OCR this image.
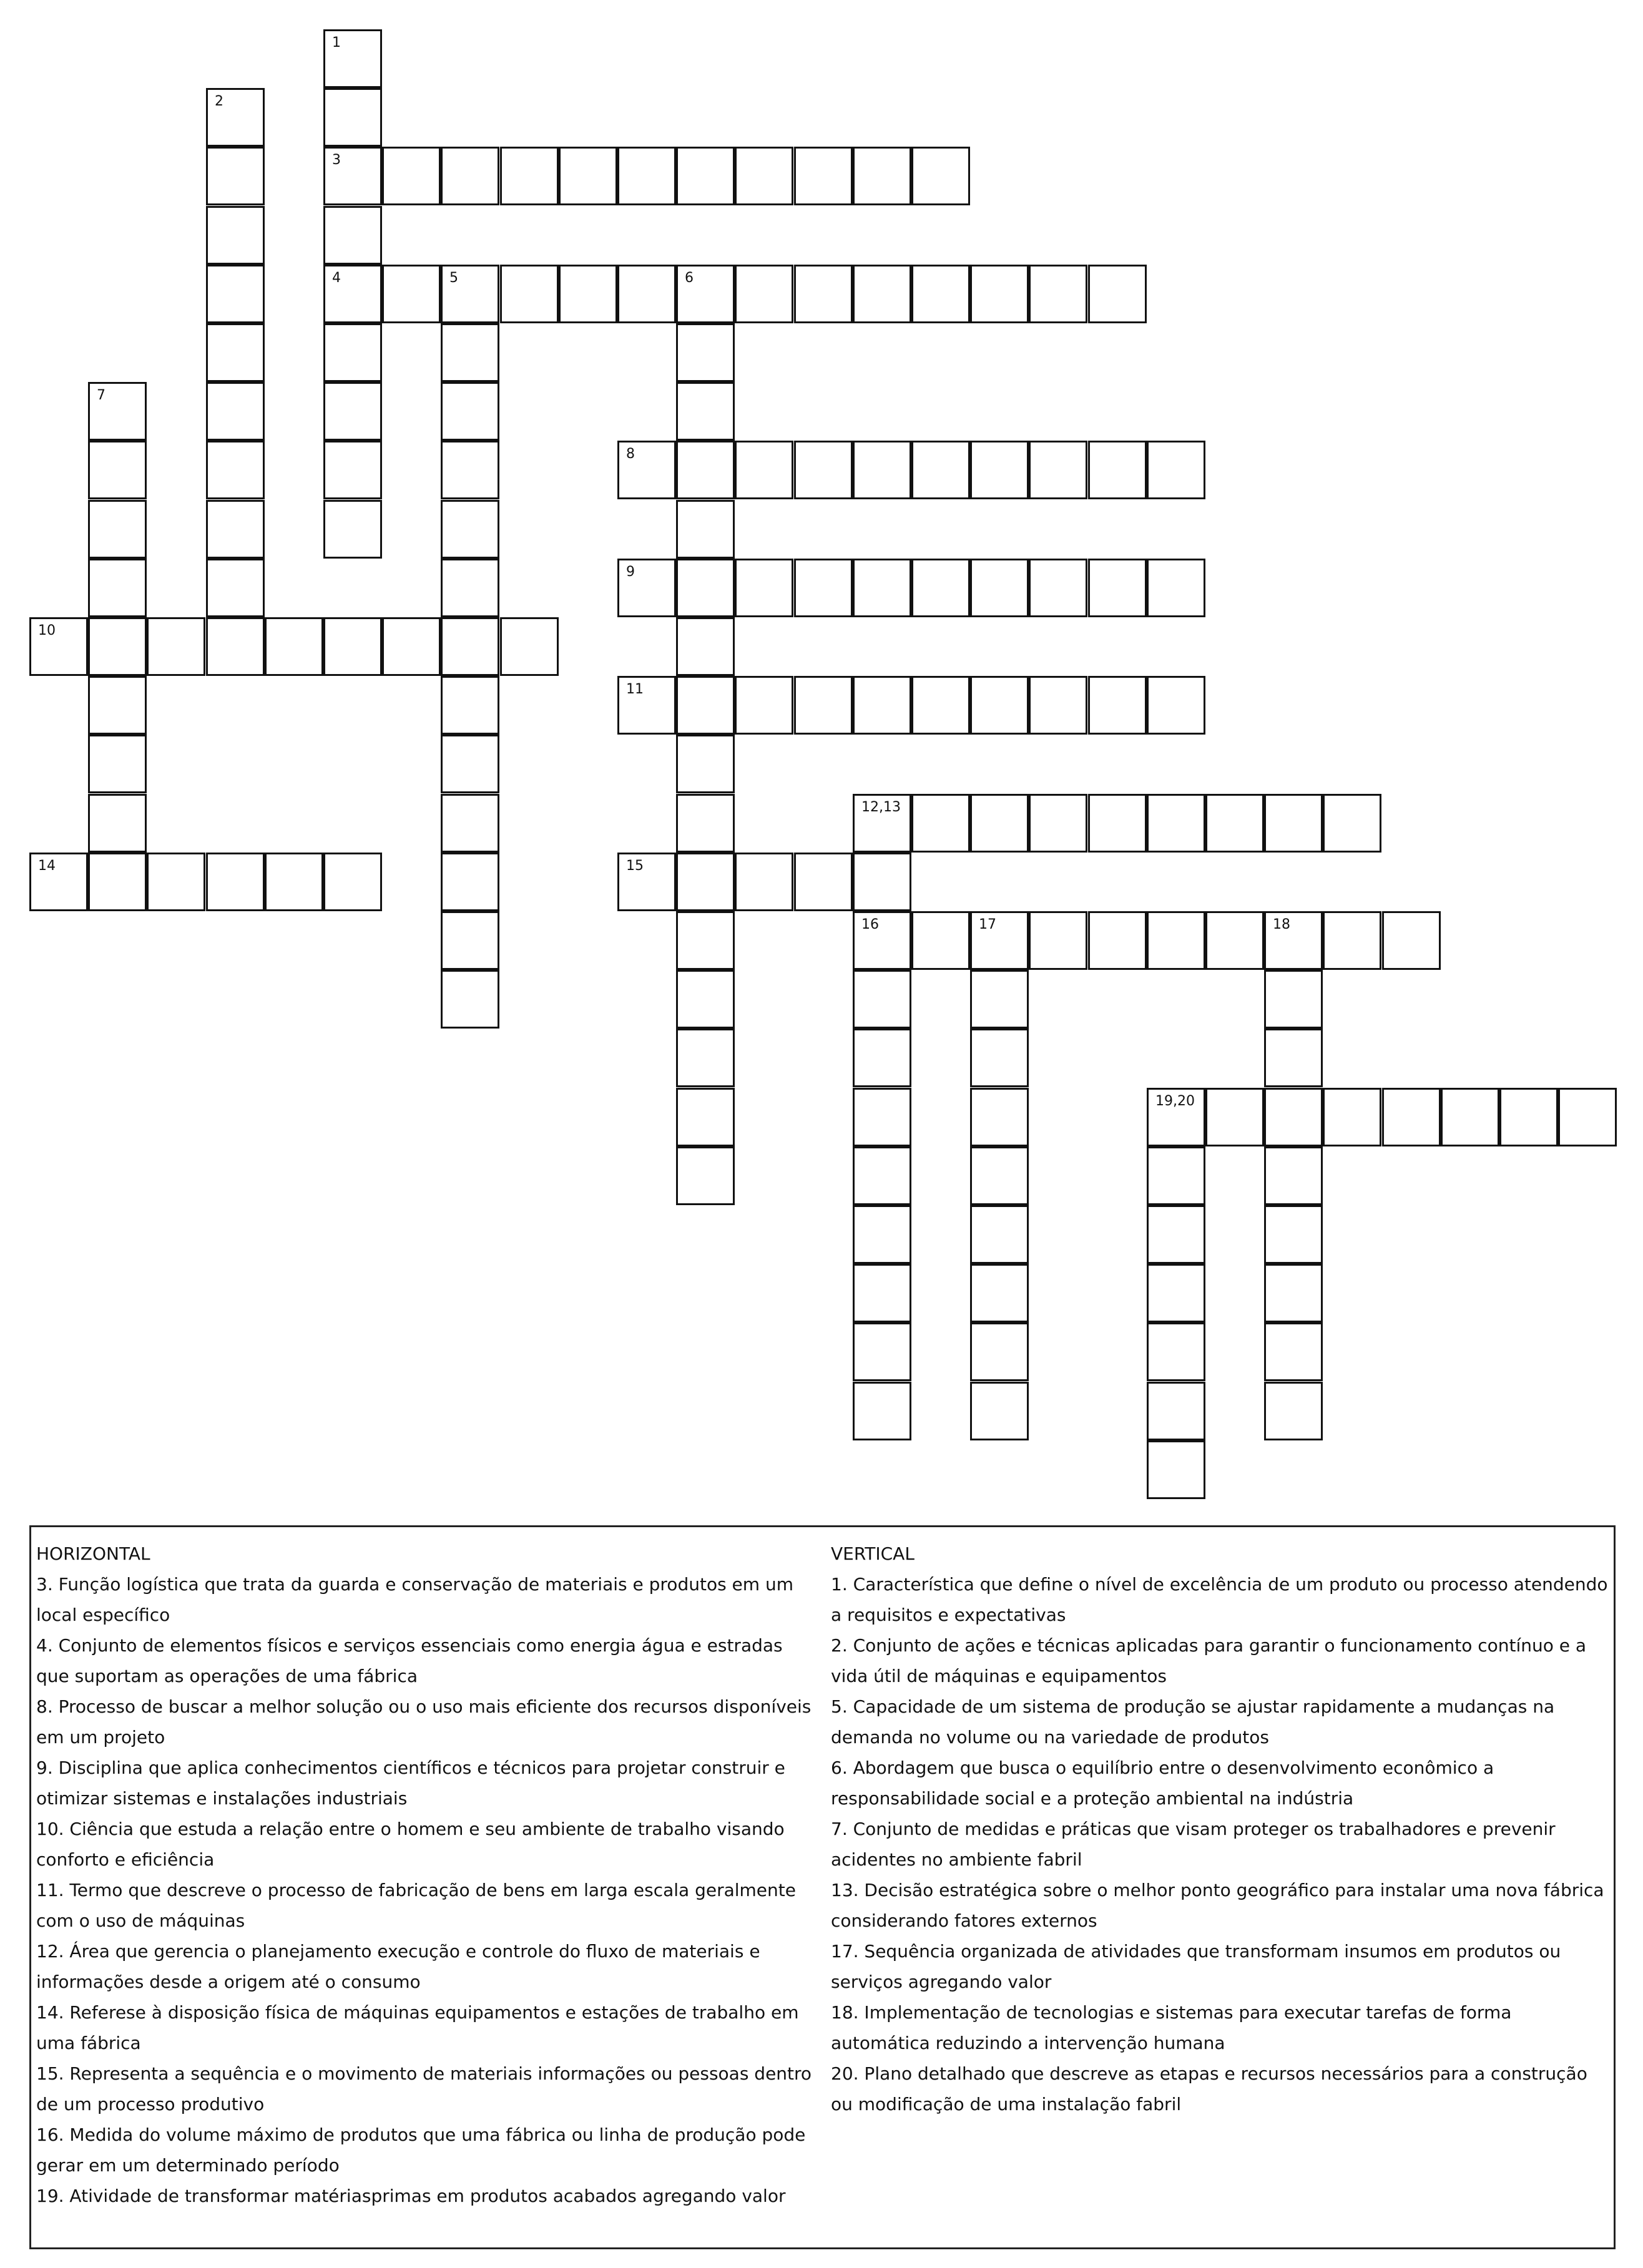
1
3
4
2
5	6
7
8
9
10
11
12,13
14	15
16	17	18
19,20
HORIZONTAL
3. Função logística que trata da guarda e conservação de materiais e produtos em um local específico
4. Conjunto de elementos físicos e serviços essenciais como energia água e estradas que suportam as operações de uma fábrica
8. Processo de buscar a melhor solução ou o uso mais eficiente dos recursos disponíveis em um projeto
9. Disciplina que aplica conhecimentos científicos e técnicos para projetar construir e otimizar sistemas e instalações industriais
10. Ciência que estuda a relação entre o homem e seu ambiente de trabalho visando conforto e eficiência
11. Termo que descreve o processo de fabricação de bens em larga escala geralmente com o uso de máquinas
12. Área que gerencia o planejamento execução e controle do fluxo de materiais e informações desde a origem até o consumo
14. Referese à disposição física de máquinas equipamentos e estações de trabalho em uma fábrica
15. Representa a sequência e o movimento de materiais informações ou pessoas dentro de um processo produtivo
16. Medida do volume máximo de produtos que uma fábrica ou linha de produção pode gerar em um determinado período
19. Atividade de transformar matériasprimas em produtos acabados agregando valor
VERTICAL
1. Característica que define o nível de excelência de um produto ou processo atendendo a requisitos e expectativas
2. Conjunto de ações e técnicas aplicadas para garantir o funcionamento contínuo e a vida útil de máquinas e equipamentos
5. Capacidade de um sistema de produção se ajustar rapidamente a mudanças na demanda no volume ou na variedade de produtos
6. Abordagem que busca o equilíbrio entre o desenvolvimento econômico a responsabilidade social e a proteção ambiental na indústria
7. Conjunto de medidas e práticas que visam proteger os trabalhadores e prevenir acidentes no ambiente fabril
13. Decisão estratégica sobre o melhor ponto geográfico para instalar uma nova fábrica considerando fatores externos
17. Sequência organizada de atividades que transformam insumos em produtos ou serviços agregando valor
18. Implementação de tecnologias e sistemas para executar tarefas de forma automática reduzindo a intervenção humana
20. Plano detalhado que descreve as etapas e recursos necessários para a construção ou modificação de uma instalação fabril
